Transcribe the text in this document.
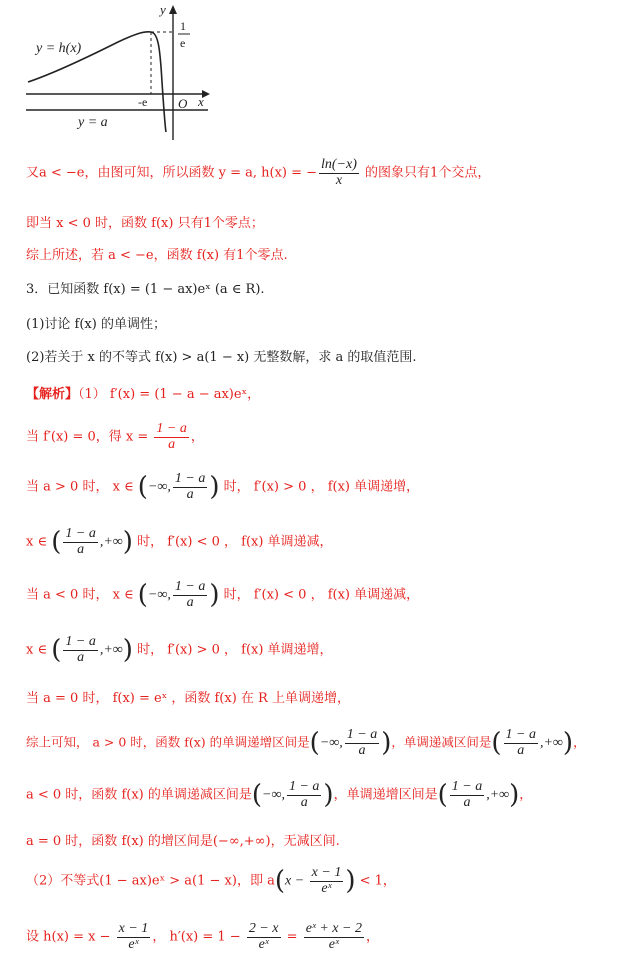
y = h(x)
y = a
y
x
O
-e
1
e
又a < −e，由图可知，所以函数 y = a, h(x) = − $\frac{\ln(-x)}{x}$ 的图象只有1个交点，
即当 x < 0 时，函数 f(x) 只有1个零点；
综上所述，若 a < −e，函数 f(x) 有1个零点.
3．已知函数 f(x) = (1 − ax)eˣ (a ∈ R).
(1)讨论 f(x) 的单调性；
(2)若关于 x 的不等式 f(x) > a(1 − x) 无整数解，求 a 的取值范围.
【解析】（1） f′(x) = (1 − a − ax)eˣ，
当 f′(x) = 0，得 $x = \frac{1 - a}{a}$ ，
当 a > 0 时， x ∈ (−∞, $\frac{1 - a}{a}$ ) 时， f′(x) > 0 ， f(x) 单调递增，
x ∈ ( $\frac{1 - a}{a}$ ,+∞) 时， f′(x) < 0 ， f(x) 单调递减，
当 a < 0 时， x ∈ (−∞, $\frac{1 - a}{a}$ ) 时， f′(x) < 0 ， f(x) 单调递减，
x ∈ ( $\frac{1 - a}{a}$ ,+∞) 时， f′(x) > 0 ， f(x) 单调递增，
当 a = 0 时， f(x) = eˣ ，函数 f(x) 在 R 上单调递增，
综上可知， a > 0 时，函数 f(x) 的单调递增区间是(−∞, $\frac{1 - a}{a}$ )，单调递减区间是( $\frac{1 - a}{a}$ ,+∞)，
a < 0 时，函数 f(x) 的单调递减区间是(−∞, $\frac{1 - a}{a}$ )，单调递增区间是( $\frac{1 - a}{a}$ ,+∞)，
a = 0 时，函数 f(x) 的增区间是(−∞,+∞)，无减区间.
（2）不等式(1 − ax)eˣ > a(1 − x)，即 $a(x - \frac{x - 1}{\text{eˣ}}$ ) < 1，
设 $h(x) = x - \frac{x - 1}{\text{eˣ}}$ ， $h'(x) = 1 - \frac{2 - x}{\text{eˣ}} = \frac{\text{eˣ + x − 2}}{\text{eˣ}}$ ，
